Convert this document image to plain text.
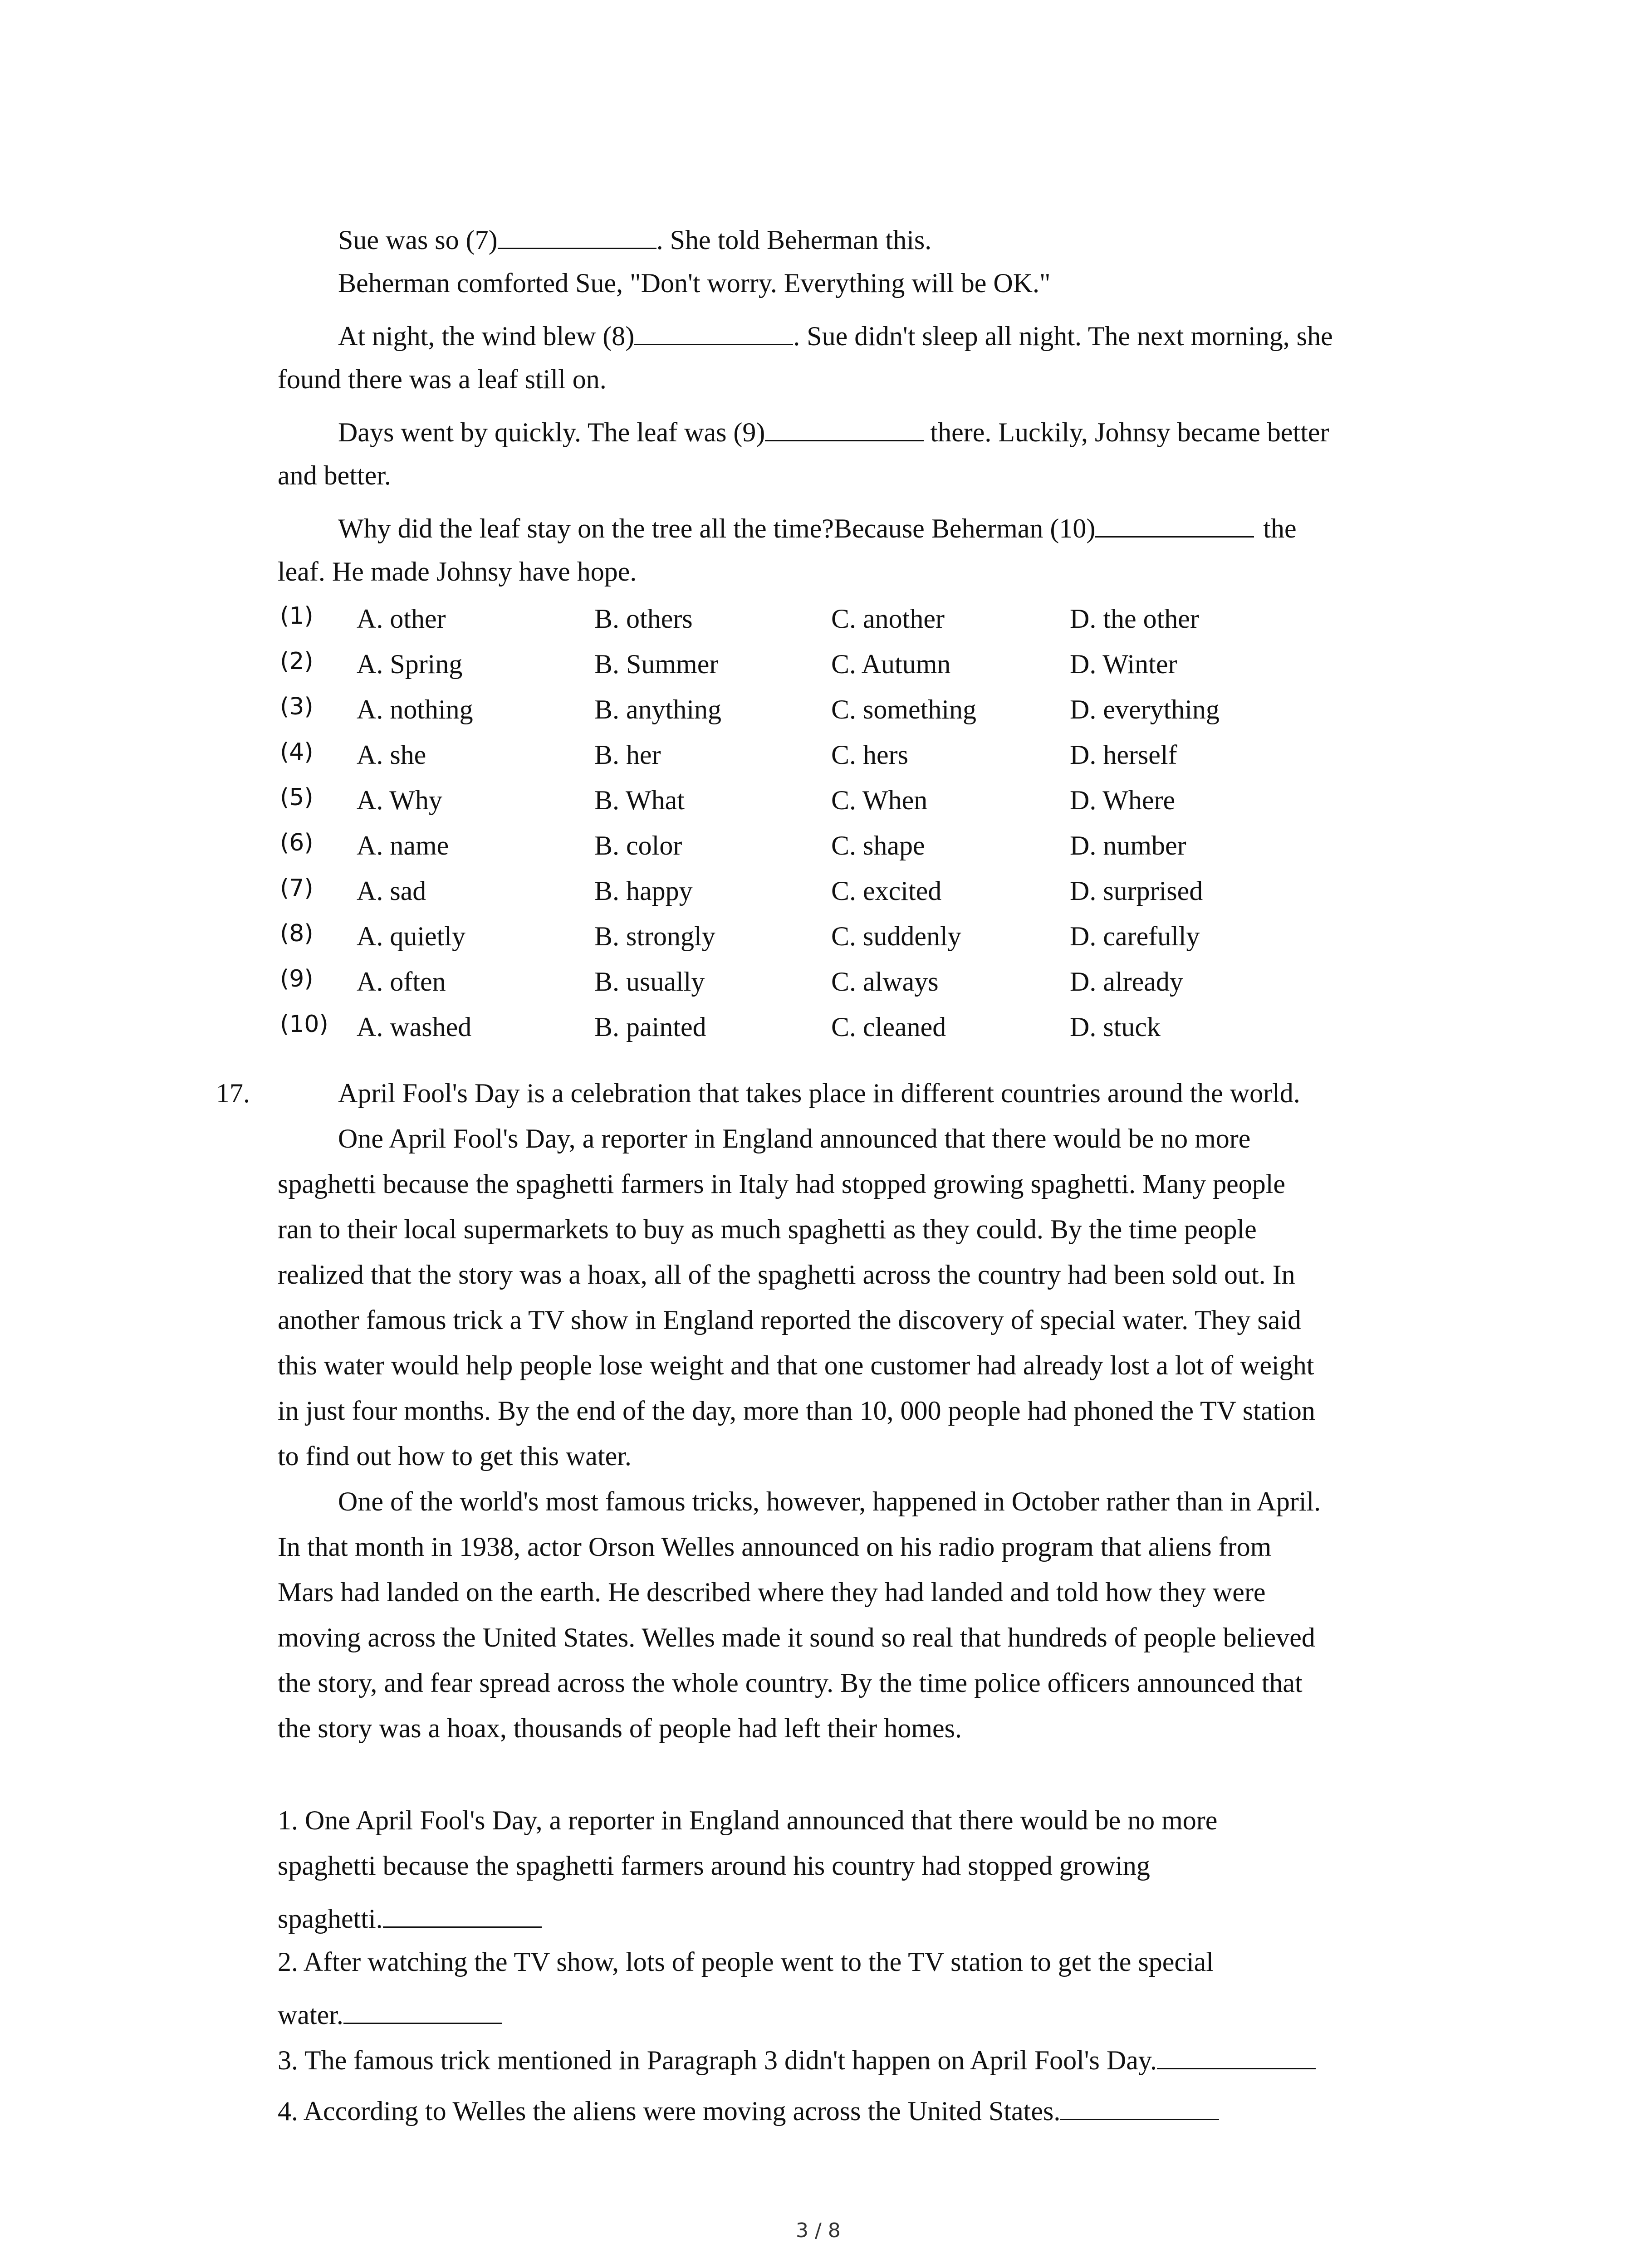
Sue was so (7)	. She told Beherman this.
Beherman comforted Sue, "Don't worry. Everything will be OK."
At night, the wind blew (8)	. Sue didn't sleep all night. The next morning, she
found there was a leaf still on.
Days went by quickly. The leaf was (9)	there. Luckily, Johnsy became better
and better.
Why did the leaf stay on the tree all the time?Because Beherman (10)	the
leaf. He made Johnsy have hope.
(1) A. other	B. others	C. another	D. the other
(2) A. Spring	B. Summer	C. Autumn	D. Winter
(3) A. nothing	B. anything	C. something	D. everything
(4) A. she	B. her	C. hers	D. herself
(5) A. Why	B. What	C. When	D. Where
(6) A. name	B. color	C. shape	D. number
(7) A. sad	B. happy	C. excited	D. surprised
(8) A. quietly	B. strongly	C. suddenly	D. carefully
(9) A. often	B. usually	C. always	D. already
(10) A. washed	B. painted	C. cleaned	D. stuck
17.	April Fool's Day is a celebration that takes place in different countries around the world.
One April Fool's Day, a reporter in England announced that there would be no more
spaghetti because the spaghetti farmers in Italy had stopped growing spaghetti. Many people
ran to their local supermarkets to buy as much spaghetti as they could. By the time people
realized that the story was a hoax, all of the spaghetti across the country had been sold out. In
another famous trick a TV show in England reported the discovery of special water. They said
this water would help people lose weight and that one customer had already lost a lot of weight
in just four months. By the end of the day, more than 10, 000 people had phoned the TV station
to find out how to get this water.
One of the world's most famous tricks, however, happened in October rather than in April.
In that month in 1938, actor Orson Welles announced on his radio program that aliens from
Mars had landed on the earth. He described where they had landed and told how they were
moving across the United States. Welles made it sound so real that hundreds of people believed
the story, and fear spread across the whole country. By the time police officers announced that
the story was a hoax, thousands of people had left their homes.
1. One April Fool's Day, a reporter in England announced that there would be no more
spaghetti because the spaghetti farmers around his country had stopped growing
spaghetti.
2. After watching the TV show, lots of people went to the TV station to get the special
water.
3. The famous trick mentioned in Paragraph 3 didn't happen on April Fool's Day.
4. According to Welles the aliens were moving across the United States.
3 / 8
